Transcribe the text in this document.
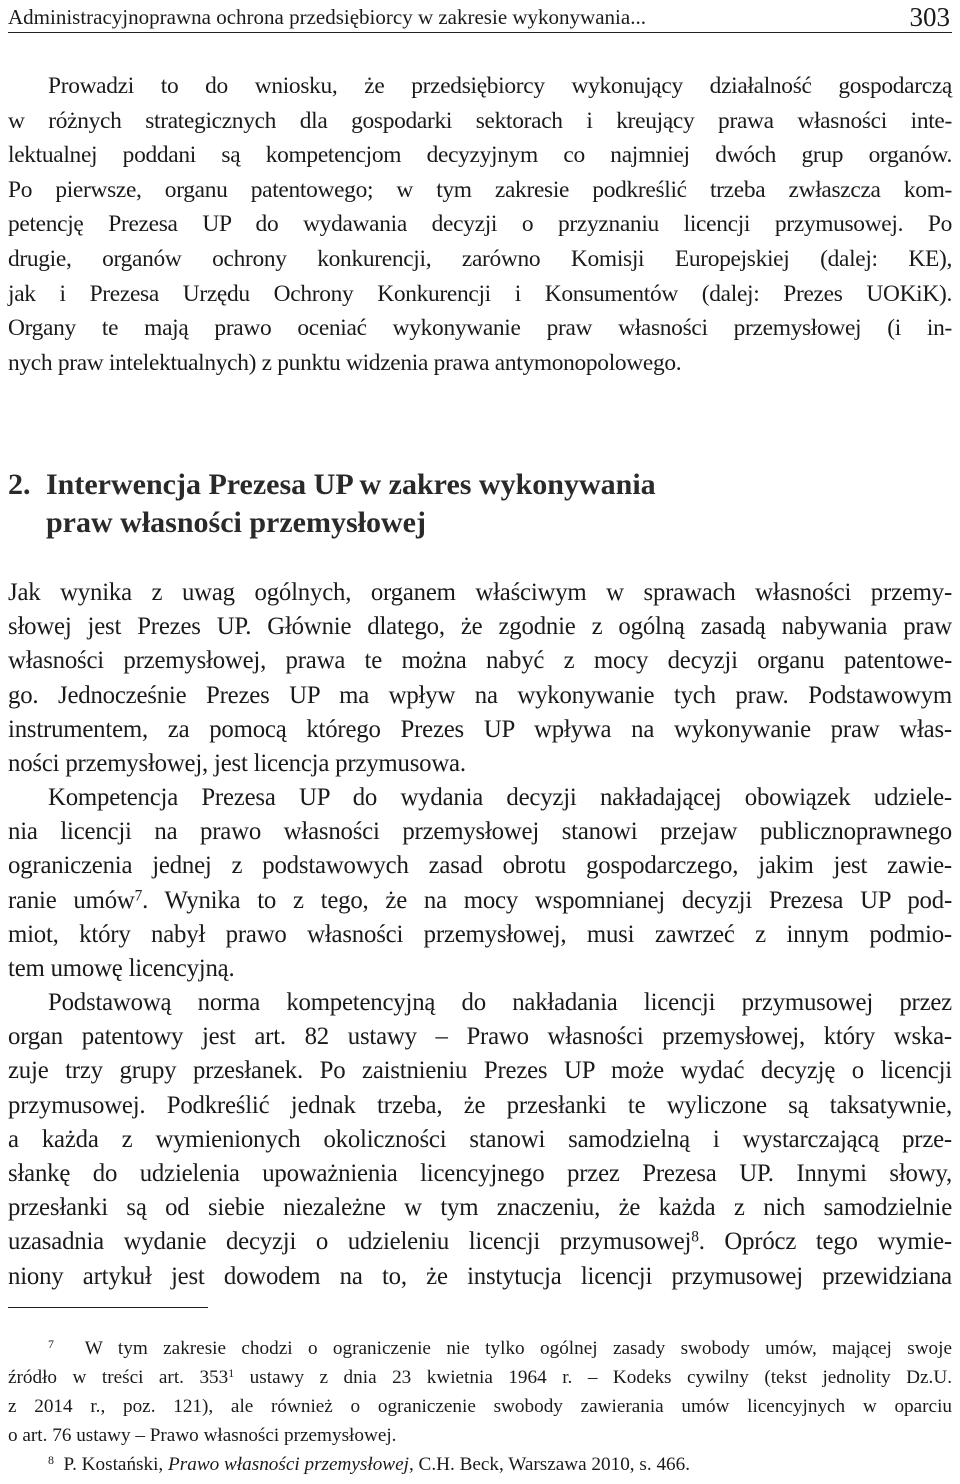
Administracyjnoprawna ochrona przedsiębiorcy w zakresie wykonywania...	303

Prowadzi to do wniosku, że przedsiębiorcy wykonujący działalność gospodarczą

w różnych strategicznych dla gospodarki sektorach i kreujący prawa własności inte-

lektualnej poddani są kompetencjom decyzyjnym co najmniej dwóch grup organów.

Po pierwsze, organu patentowego; w tym zakresie podkreślić trzeba zwłaszcza kom-

petencję Prezesa UP do wydawania decyzji o przyznaniu licencji przymusowej. Po

drugie, organów ochrony konkurencji, zarówno Komisji Europejskiej (dalej: KE),

jak i Prezesa Urzędu Ochrony Konkurencji i Konsumentów (dalej: Prezes UOKiK).

Organy te mają prawo oceniać wykonywanie praw własności przemysłowej (i in-

nych praw intelektualnych) z punktu widzenia prawa antymonopolowego.

2. Interwencja Prezesa UP w zakres wykonywania
praw własności przemysłowej

Jak wynika z uwag ogólnych, organem właściwym w sprawach własności przemy-

słowej jest Prezes UP. Głównie dlatego, że zgodnie z ogólną zasadą nabywania praw

własności przemysłowej, prawa te można nabyć z mocy decyzji organu patentowe-

go. Jednocześnie Prezes UP ma wpływ na wykonywanie tych praw. Podstawowym

instrumentem, za pomocą którego Prezes UP wpływa na wykonywanie praw włas-

ności przemysłowej, jest licencja przymusowa.

Kompetencja Prezesa UP do wydania decyzji nakładającej obowiązek udziele-

nia licencji na prawo własności przemysłowej stanowi przejaw publicznoprawnego

ograniczenia jednej z podstawowych zasad obrotu gospodarczego, jakim jest zawie-

ranie umów$^7$. Wynika to z tego, że na mocy wspomnianej decyzji Prezesa UP pod-

miot, który nabył prawo własności przemysłowej, musi zawrzeć z innym podmio-

tem umowę licencyjną.

Podstawową norma kompetencyjną do nakładania licencji przymusowej przez

organ patentowy jest art. 82 ustawy – Prawo własności przemysłowej, który wska-

zuje trzy grupy przesłanek. Po zaistnieniu Prezes UP może wydać decyzję o licencji

przymusowej. Podkreślić jednak trzeba, że przesłanki te wyliczone są taksatywnie,

a każda z wymienionych okoliczności stanowi samodzielną i wystarczającą prze-

słankę do udzielenia upoważnienia licencyjnego przez Prezesa UP. Innymi słowy,

przesłanki są od siebie niezależne w tym znaczeniu, że każda z nich samodzielnie

uzasadnia wydanie decyzji o udzieleniu licencji przymusowej$^8$. Oprócz tego wymie-

niony artykuł jest dowodem na to, że instytucja licencji przymusowej przewidziana

$^7$ W tym zakresie chodzi o ograniczenie nie tylko ogólnej zasady swobody umów, mającej swoje

źródło w treści art. $353^1$ ustawy z dnia 23 kwietnia 1964 r. – Kodeks cywilny (tekst jednolity Dz.U.

z 2014 r., poz. 121), ale również o ograniczenie swobody zawierania umów licencyjnych w oparciu

o art. 76 ustawy – Prawo własności przemysłowej.

$^8$ P. Kostański, Prawo własności przemysłowej, C.H. Beck, Warszawa 2010, s. 466.
